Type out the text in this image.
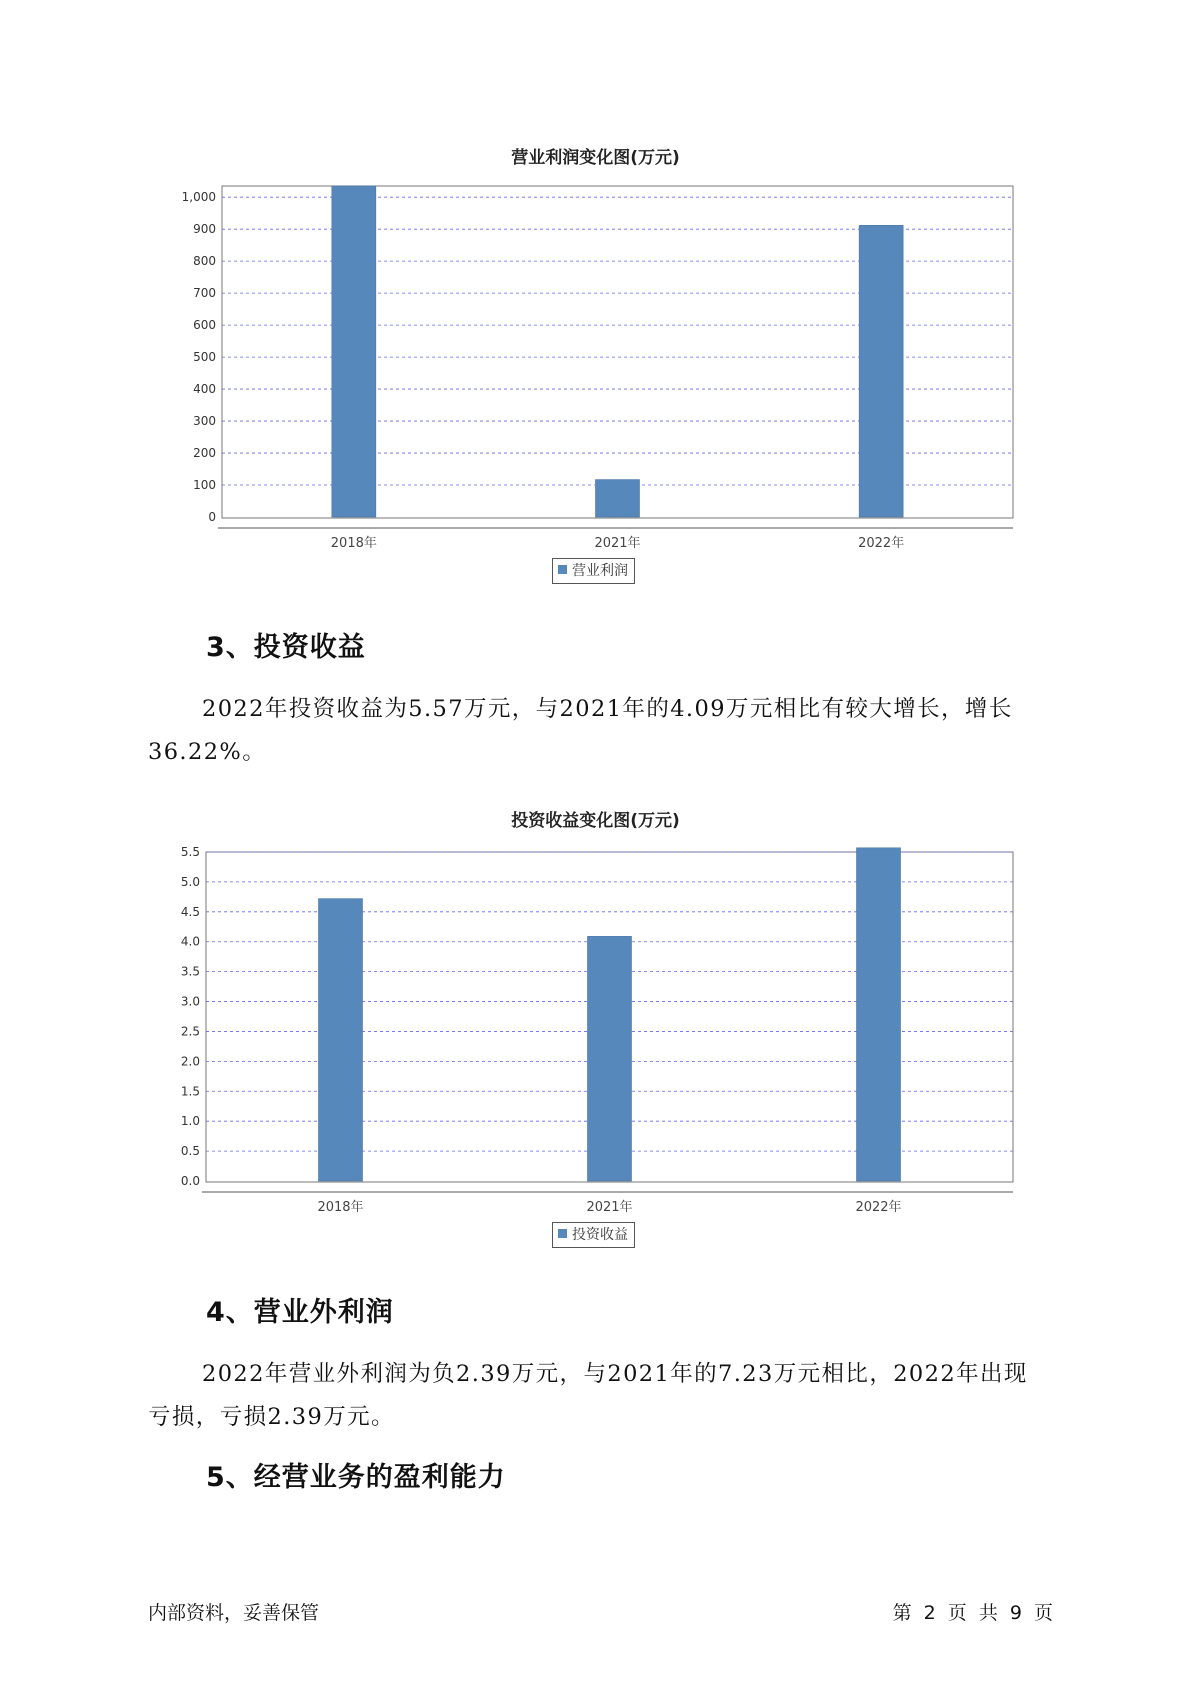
营业利润变化图(万元)
0
100
200
300
400
500
600
700
800
900
1,000
2018年	2021年	2022年
营业利润
3、投资收益
2022年投资收益为5.57万元，与2021年的4.09万元相比有较大增长，增长36.22%。
投资收益变化图(万元)
0.0
0.5
1.0
1.5
2.0
2.5
3.0
3.5
4.0
4.5
5.0
5.5
2018年	2021年	2022年
投资收益
4、营业外利润
2022年营业外利润为负2.39万元，与2021年的7.23万元相比，2022年出现亏损，亏损2.39万元。
5、经营业务的盈利能力
内部资料，妥善保管	第 2 页 共 9 页
